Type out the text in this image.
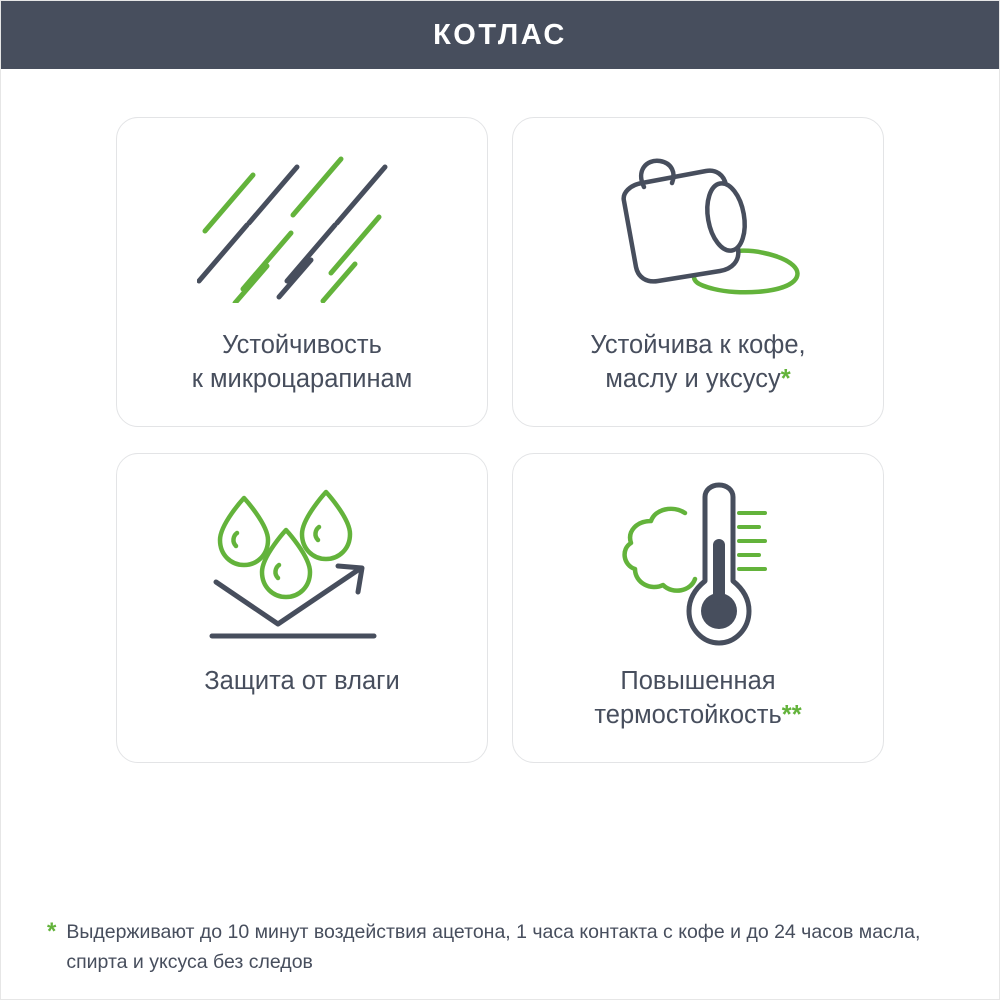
КОТЛАС
Устойчивость
к микроцарапинам
Устойчива к кофе,
маслу и уксусу*
Защита от влаги	Повышенная
термостойкость**
* Выдерживают до 10 минут воздействия ацетона, 1 часа контакта с кофе и до 24 часов масла, спирта и уксуса без следов
